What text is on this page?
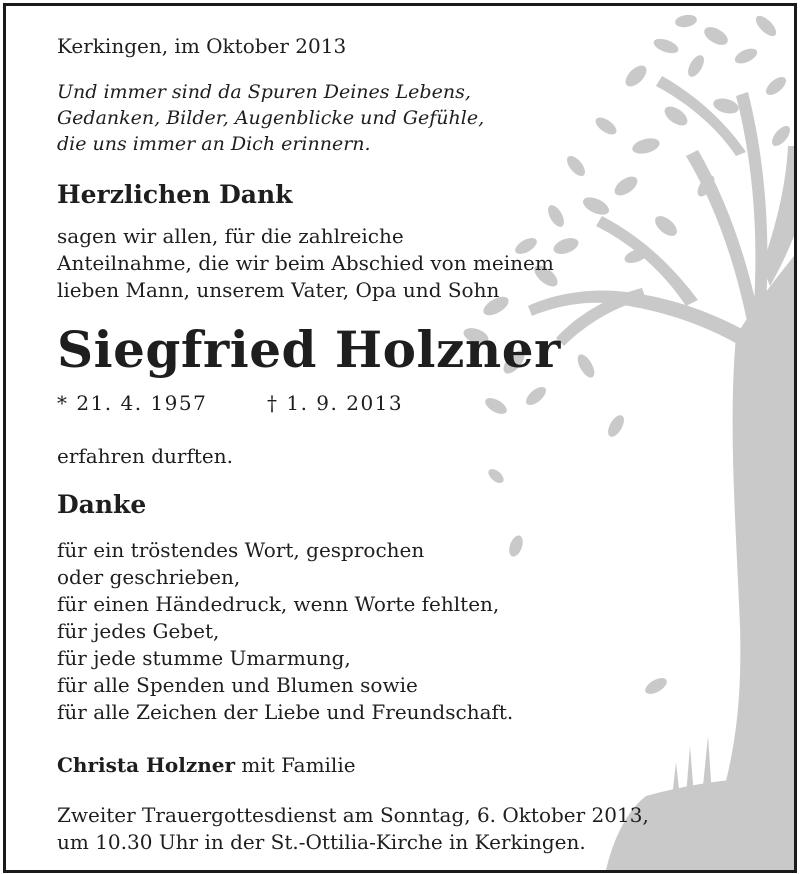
Kerkingen, im Oktober 2013
Und immer sind da Spuren Deines Lebens,
Gedanken, Bilder, Augenblicke und Gefühle,
die uns immer an Dich erinnern.
Herzlichen Dank
sagen wir allen, für die zahlreiche
Anteilnahme, die wir beim Abschied von meinem
lieben Mann, unserem Vater, Opa und Sohn
Siegfried Holzner
* 21. 4. 1957	† 1. 9. 2013
erfahren durften.
Danke
für ein tröstendes Wort, gesprochen
oder geschrieben,
für einen Händedruck, wenn Worte fehlten,
für jedes Gebet,
für jede stumme Umarmung,
für alle Spenden und Blumen sowie
für alle Zeichen der Liebe und Freundschaft.
Christa Holzner mit Familie
Zweiter Trauergottesdienst am Sonntag, 6. Oktober 2013,
um 10.30 Uhr in der St.-Ottilia-Kirche in Kerkingen.
